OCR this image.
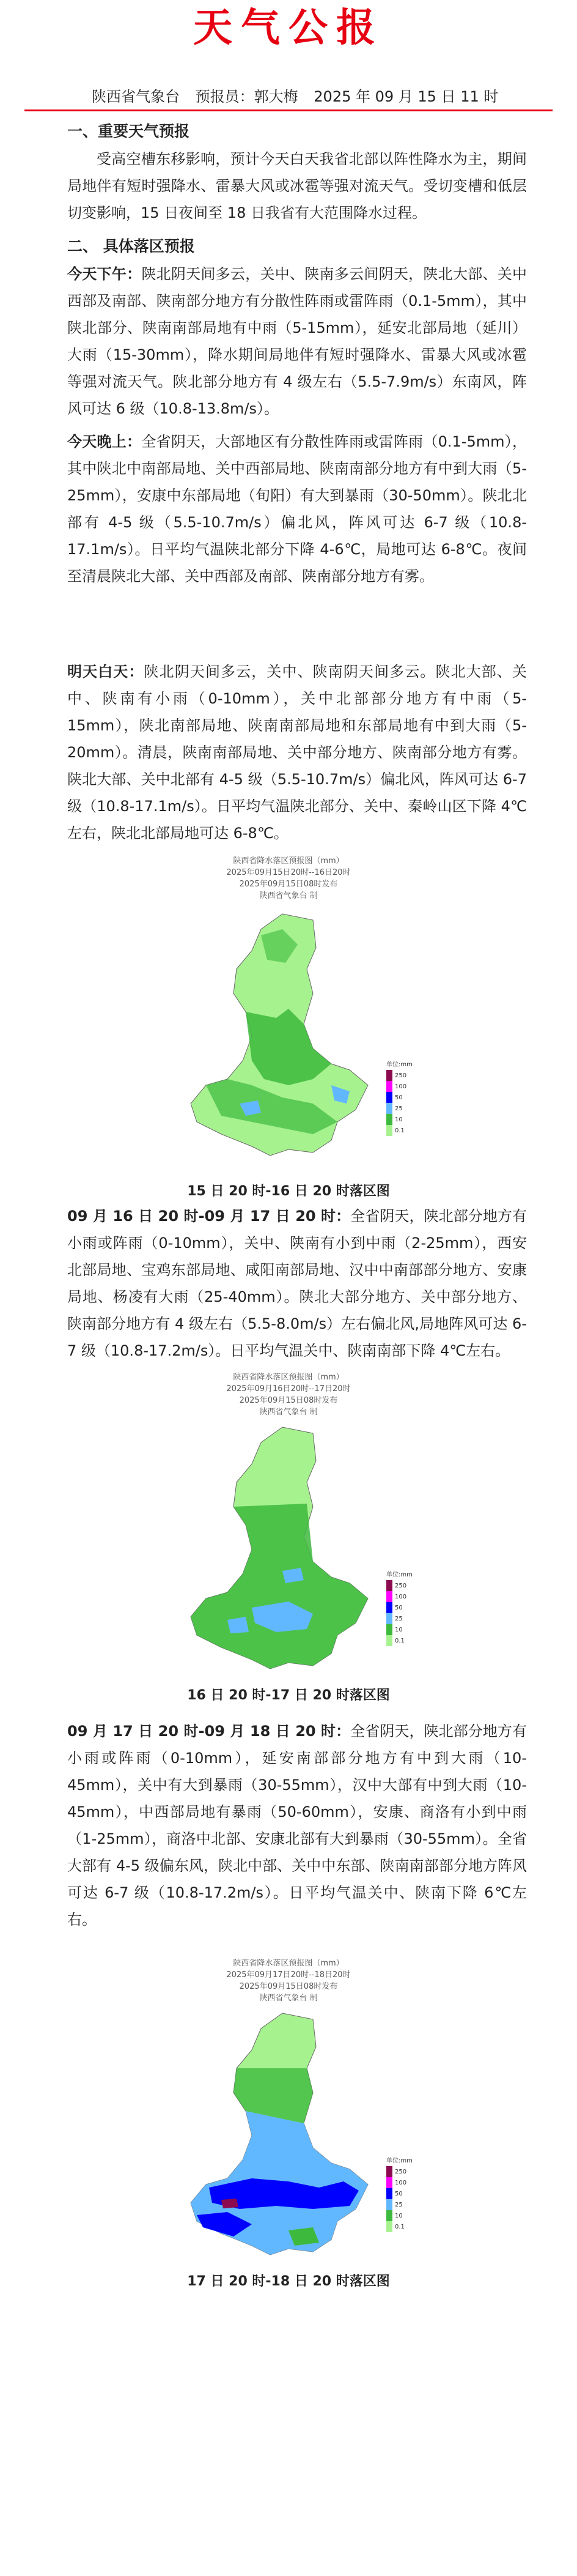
天气公报
陕西省气象台 预报员：郭大梅 2025 年 09 月 15 日 11 时
一、重要天气预报

受高空槽东移影响，预计今天白天我省北部以阵性降水为主，期间局地伴有短时强降水、雷暴大风或冰雹等强对流天气。受切变槽和低层切变影响，15 日夜间至 18 日我省有大范围降水过程。

二、 具体落区预报

今天下午：陕北阴天间多云，关中、陕南多云间阴天，陕北大部、关中西部及南部、陕南部分地方有分散性阵雨或雷阵雨（0.1-5mm），其中陕北部分、陕南南部局地有中雨（5-15mm），延安北部局地（延川）大雨（15-30mm），降水期间局地伴有短时强降水、雷暴大风或冰雹等强对流天气。陕北部分地方有 4 级左右（5.5-7.9m/s）东南风，阵风可达 6 级（10.8-13.8m/s）。

今天晚上：全省阴天，大部地区有分散性阵雨或雷阵雨（0.1-5mm），其中陕北中南部局地、关中西部局地、陕南南部分地方有中到大雨（5-25mm），安康中东部局地（旬阳）有大到暴雨（30-50mm）。陕北北部有 4-5 级（5.5-10.7m/s）偏北风，阵风可达 6-7 级（10.8-17.1m/s）。日平均气温陕北部分下降 4-6℃，局地可达 6-8℃。夜间至清晨陕北大部、关中西部及南部、陕南部分地方有雾。

明天白天：陕北阴天间多云，关中、陕南阴天间多云。陕北大部、关中、陕南有小雨（0-10mm），关中北部部分地方有中雨（5-15mm），陕北南部局地、陕南南部局地和东部局地有中到大雨（5-20mm）。清晨，陕南南部局地、关中部分地方、陕南部分地方有雾。陕北大部、关中北部有 4-5 级（5.5-10.7m/s）偏北风，阵风可达 6-7 级（10.8-17.1m/s）。日平均气温陕北部分、关中、秦岭山区下降 4℃左右，陕北北部局地可达 6-8℃。

陕西省降水落区预报图（mm）
2025年09月15日20时--16日20时
2025年09月15日08时发布
陕西省气象台 制
单位:mm
250
100
50
25
10
0.1
15 日 20 时-16 日 20 时落区图

09 月 16 日 20 时-09 月 17 日 20 时：全省阴天，陕北部分地方有小雨或阵雨（0-10mm），关中、陕南有小到中雨（2-25mm），西安北部局地、宝鸡东部局地、咸阳南部局地、汉中中南部部分地方、安康局地、杨凌有大雨（25-40mm）。陕北大部分地方、关中部分地方、陕南部分地方有 4 级左右（5.5-8.0m/s）左右偏北风,局地阵风可达 6-7 级（10.8-17.2m/s）。日平均气温关中、陕南南部下降 4℃左右。

陕西省降水落区预报图（mm）
2025年09月16日20时--17日20时
2025年09月15日08时发布
陕西省气象台 制
单位:mm
250
100
50
25
10
0.1
16 日 20 时-17 日 20 时落区图

09 月 17 日 20 时-09 月 18 日 20 时：全省阴天，陕北部分地方有小雨或阵雨（0-10mm），延安南部部分地方有中到大雨（10-45mm），关中有大到暴雨（30-55mm），汉中大部有中到大雨（10-45mm），中西部局地有暴雨（50-60mm），安康、商洛有小到中雨（1-25mm），商洛中北部、安康北部有大到暴雨（30-55mm）。全省大部有 4-5 级偏东风，陕北中部、关中中东部、陕南南部部分地方阵风可达 6-7 级（10.8-17.2m/s）。日平均气温关中、陕南下降 6℃左右。

陕西省降水落区预报图（mm）
2025年09月17日20时--18日20时
2025年09月15日08时发布
陕西省气象台 制
单位:mm
250
100
50
25
10
0.1
17 日 20 时-18 日 20 时落区图
